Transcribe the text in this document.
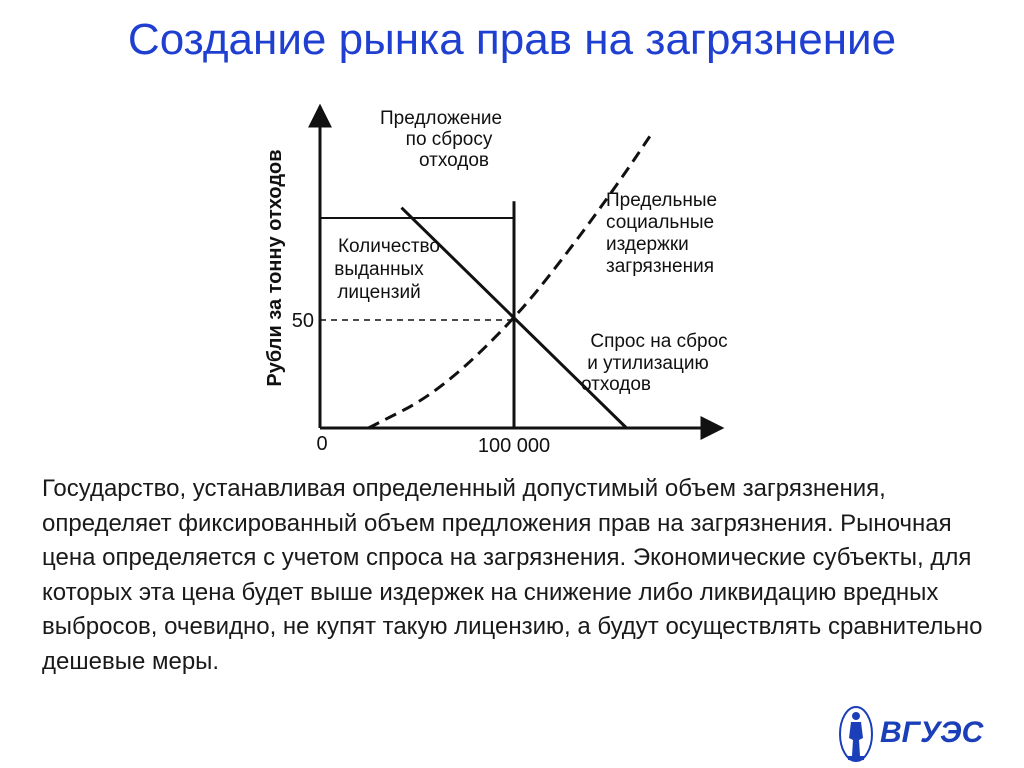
Создание рынка прав на загрязнение
Рубли за тонну отходов
0	100 000
50
Предложение
по сбросу
отходов
Количество
выданных
лицензий
Предельные
социальные
издержки
загрязнения
Спрос на сброс
и утилизацию
отходов

Государство, устанавливая определенный допустимый объем загрязнения, определяет фиксированный объем предложения прав на загрязнения. Рыночная цена определяется с учетом спроса на загрязнения. Экономические субъекты, для которых эта цена будет выше издержек на снижение либо ликвидацию вредных выбросов, очевидно, не купят такую лицензию, а будут осуществлять сравнительно дешевые меры.

ВГУЭС
